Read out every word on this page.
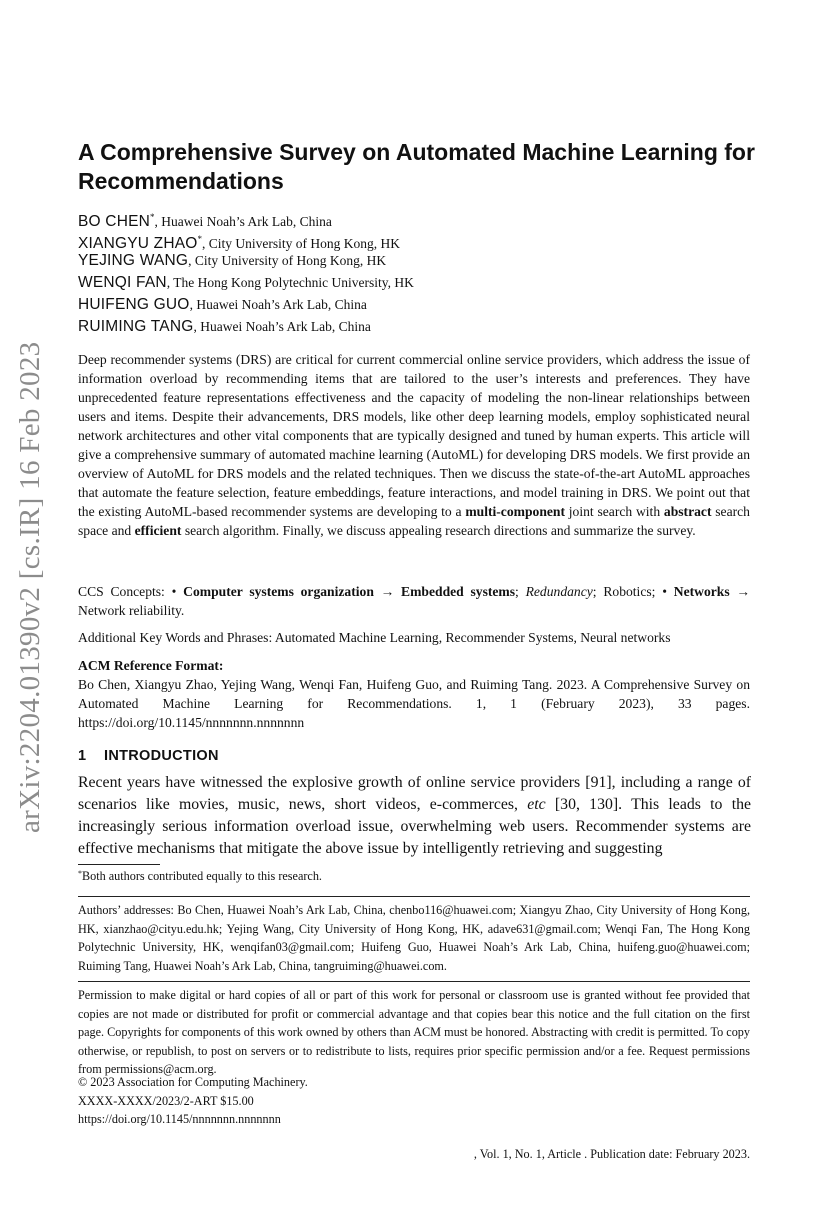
arXiv:2204.01390v2 [cs.IR] 16 Feb 2023
A Comprehensive Survey on Automated Machine Learning for Recommendations
BO CHEN*, Huawei Noah’s Ark Lab, China
XIANGYU ZHAO*, City University of Hong Kong, HK
YEJING WANG, City University of Hong Kong, HK
WENQI FAN, The Hong Kong Polytechnic University, HK
HUIFENG GUO, Huawei Noah’s Ark Lab, China
RUIMING TANG, Huawei Noah’s Ark Lab, China
Deep recommender systems (DRS) are critical for current commercial online service providers, which address the issue of information overload by recommending items that are tailored to the user’s interests and preferences. They have unprecedented feature representations effectiveness and the capacity of modeling the non-linear relationships between users and items. Despite their advancements, DRS models, like other deep learning models, employ sophisticated neural network architectures and other vital components that are typically designed and tuned by human experts. This article will give a comprehensive summary of automated machine learning (AutoML) for developing DRS models. We first provide an overview of AutoML for DRS models and the related techniques. Then we discuss the state-of-the-art AutoML approaches that automate the feature selection, feature embeddings, feature interactions, and model training in DRS. We point out that the existing AutoML-based recommender systems are developing to a multi-component joint search with abstract search space and efficient search algorithm. Finally, we discuss appealing research directions and summarize the survey.
CCS Concepts: • Computer systems organization → Embedded systems; Redundancy; Robotics; • Networks → Network reliability.
Additional Key Words and Phrases: Automated Machine Learning, Recommender Systems, Neural networks
ACM Reference Format:
Bo Chen, Xiangyu Zhao, Yejing Wang, Wenqi Fan, Huifeng Guo, and Ruiming Tang. 2023. A Comprehensive Survey on Automated Machine Learning for Recommendations. 1, 1 (February 2023), 33 pages. https://doi.org/10.1145/nnnnnnn.nnnnnnn
1 INTRODUCTION
Recent years have witnessed the explosive growth of online service providers [91], including a range of scenarios like movies, music, news, short videos, e-commerces, etc [30, 130]. This leads to the increasingly serious information overload issue, overwhelming web users. Recommender systems are effective mechanisms that mitigate the above issue by intelligently retrieving and suggesting
*Both authors contributed equally to this research.
Authors’ addresses: Bo Chen, Huawei Noah’s Ark Lab, China, chenbo116@huawei.com; Xiangyu Zhao, City University of Hong Kong, HK, xianzhao@cityu.edu.hk; Yejing Wang, City University of Hong Kong, HK, adave631@gmail.com; Wenqi Fan, The Hong Kong Polytechnic University, HK, wenqifan03@gmail.com; Huifeng Guo, Huawei Noah’s Ark Lab, China, huifeng.guo@huawei.com; Ruiming Tang, Huawei Noah’s Ark Lab, China, tangruiming@huawei.com.
Permission to make digital or hard copies of all or part of this work for personal or classroom use is granted without fee provided that copies are not made or distributed for profit or commercial advantage and that copies bear this notice and the full citation on the first page. Copyrights for components of this work owned by others than ACM must be honored. Abstracting with credit is permitted. To copy otherwise, or republish, to post on servers or to redistribute to lists, requires prior specific permission and/or a fee. Request permissions from permissions@acm.org.
© 2023 Association for Computing Machinery.
XXXX-XXXX/2023/2-ART $15.00
https://doi.org/10.1145/nnnnnnn.nnnnnnn
, Vol. 1, No. 1, Article . Publication date: February 2023.
